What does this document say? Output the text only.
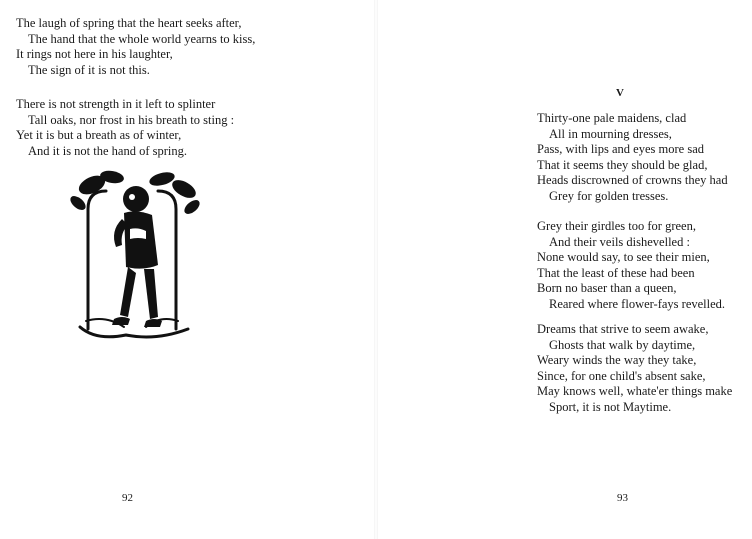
The laugh of spring that the heart seeks after,
The hand that the whole world yearns to kiss,
It rings not here in his laughter,
The sign of it is not this.
There is not strength in it left to splinter
Tall oaks, nor frost in his breath to sting :
Yet it is but a breath as of winter,
And it is not the hand of spring.
92
V
Thirty-one pale maidens, clad
All in mourning dresses,
Pass, with lips and eyes more sad
That it seems they should be glad,
Heads discrowned of crowns they had
Grey for golden tresses.
Grey their girdles too for green,
And their veils dishevelled :
None would say, to see their mien,
That the least of these had been
Born no baser than a queen,
Reared where flower-fays revelled.
Dreams that strive to seem awake,
Ghosts that walk by daytime,
Weary winds the way they take,
Since, for one child's absent sake,
May knows well, whate'er things make
Sport, it is not Maytime.
93
